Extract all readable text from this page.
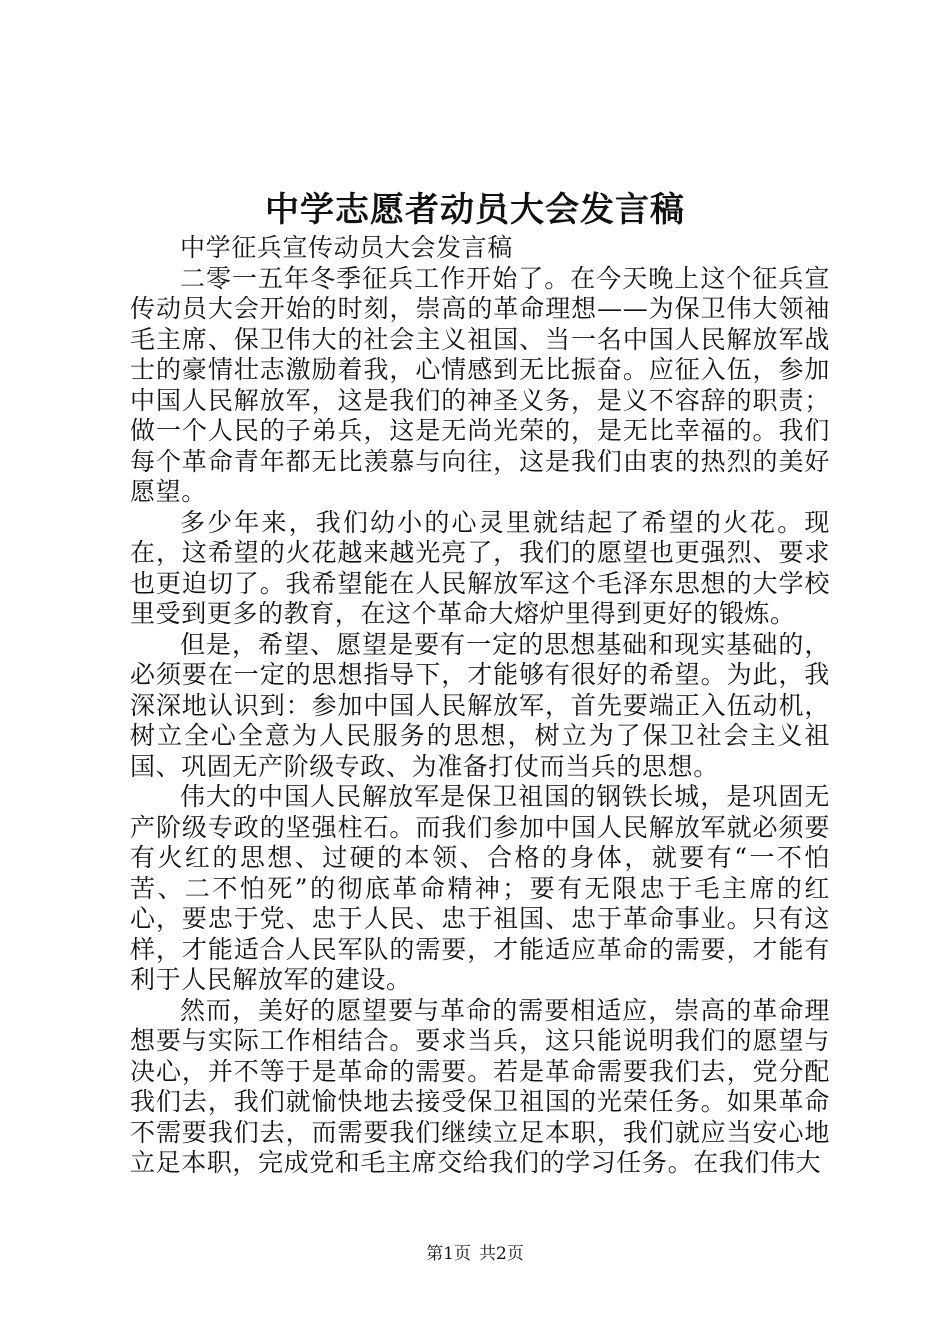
中学志愿者动员大会发言稿

中学征兵宣传动员大会发言稿

二零一五年冬季征兵工作开始了。在今天晚上这个征兵宣传动员大会开始的时刻，崇高的革命理想——为保卫伟大领袖毛主席、保卫伟大的社会主义祖国、当一名中国人民解放军战士的豪情壮志激励着我，心情感到无比振奋。应征入伍，参加中国人民解放军，这是我们的神圣义务，是义不容辞的职责；做一个人民的子弟兵，这是无尚光荣的，是无比幸福的。我们每个革命青年都无比羡慕与向往，这是我们由衷的热烈的美好愿望。

多少年来，我们幼小的心灵里就结起了希望的火花。现在，这希望的火花越来越光亮了，我们的愿望也更强烈、要求也更迫切了。我希望能在人民解放军这个毛泽东思想的大学校里受到更多的教育，在这个革命大熔炉里得到更好的锻炼。

但是，希望、愿望是要有一定的思想基础和现实基础的，必须要在一定的思想指导下，才能够有很好的希望。为此，我深深地认识到：参加中国人民解放军，首先要端正入伍动机，树立全心全意为人民服务的思想，树立为了保卫社会主义祖国、巩固无产阶级专政、为准备打仗而当兵的思想。

伟大的中国人民解放军是保卫祖国的钢铁长城，是巩固无产阶级专政的坚强柱石。而我们参加中国人民解放军就必须要有火红的思想、过硬的本领、合格的身体，就要有“一不怕苦、二不怕死”的彻底革命精神；要有无限忠于毛主席的红心，要忠于党、忠于人民、忠于祖国、忠于革命事业。只有这样，才能适合人民军队的需要，才能适应革命的需要，才能有利于人民解放军的建设。

然而，美好的愿望要与革命的需要相适应，崇高的革命理想要与实际工作相结合。要求当兵，这只能说明我们的愿望与决心，并不等于是革命的需要。若是革命需要我们去，党分配我们去，我们就愉快地去接受保卫祖国的光荣任务。如果革命不需要我们去，而需要我们继续立足本职，我们就应当安心地立足本职，完成党和毛主席交给我们的学习任务。在我们伟大

第1页 共2页
